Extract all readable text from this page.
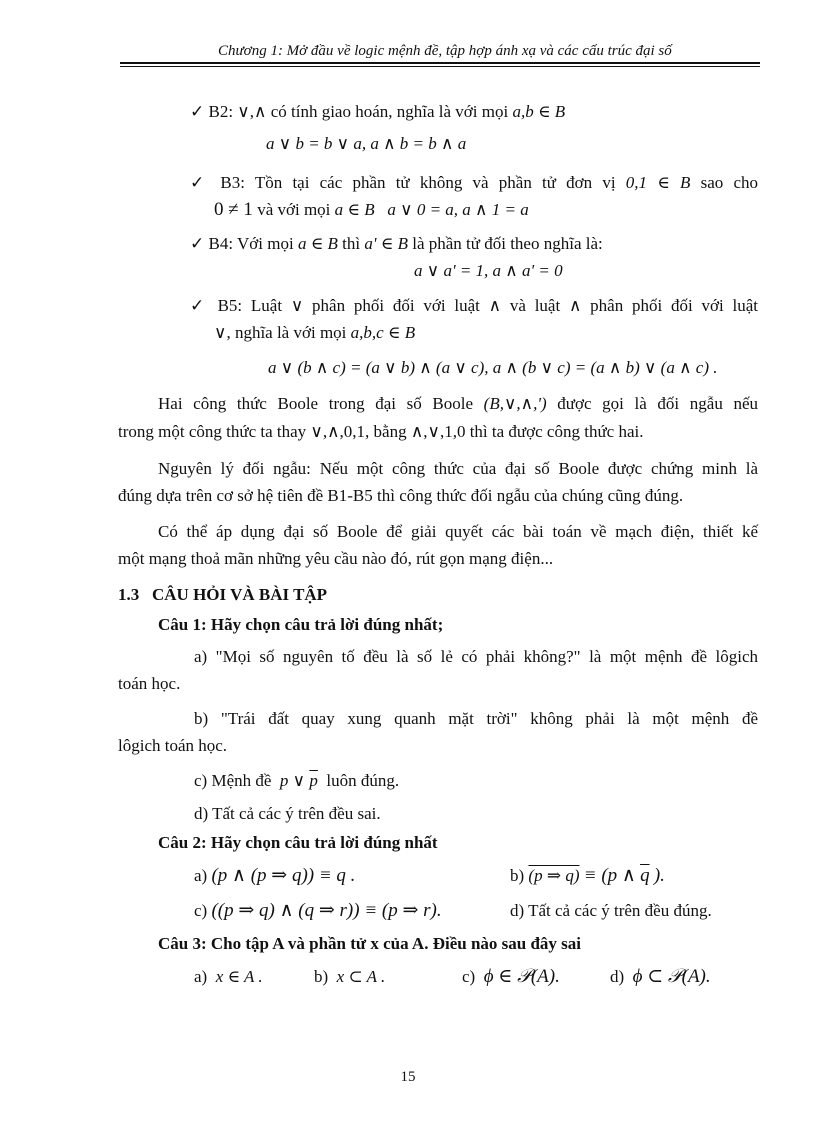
Chương 1: Mở đầu về logic mệnh đề, tập hợp ánh xạ và các cấu trúc đại số
✓ B2: ∨,∧ có tính giao hoán, nghĩa là với mọi a,b ∈ B
a ∨ b = b ∨ a, a ∧ b = b ∧ a
✓ B3: Tồn tại các phần tử không và phần tử đơn vị 0,1 ∈ B sao cho
0 ≠ 1 và với mọi a ∈ B a ∨ 0 = a, a ∧ 1 = a
✓ B4: Với mọi a ∈ B thì a' ∈ B là phần tử đối theo nghĩa là:
a ∨ a' = 1, a ∧ a' = 0
✓ B5: Luật ∨ phân phối đối với luật ∧ và luật ∧ phân phối đối với luật
∨, nghĩa là với mọi a,b,c ∈ B
a ∨ (b ∧ c) = (a ∨ b) ∧ (a ∨ c), a ∧ (b ∨ c) = (a ∧ b) ∨ (a ∧ c) .
Hai công thức Boole trong đại số Boole (B,∨,∧,') được gọi là đối ngẫu nếu
trong một công thức ta thay ∨,∧,0,1, bằng ∧,∨,1,0 thì ta được công thức hai.
Nguyên lý đối ngẫu: Nếu một công thức của đại số Boole được chứng minh là
đúng dựa trên cơ sở hệ tiên đề B1-B5 thì công thức đối ngẫu của chúng cũng đúng.
Có thể áp dụng đại số Boole để giải quyết các bài toán về mạch điện, thiết kế
một mạng thoả mãn những yêu cầu nào đó, rút gọn mạng điện...
1.3 CÂU HỎI VÀ BÀI TẬP
Câu 1: Hãy chọn câu trả lời đúng nhất;
a) "Mọi số nguyên tố đều là số lẻ có phải không?" là một mệnh đề lôgich
toán học.
b) "Trái đất quay xung quanh mặt trời" không phải là một mệnh đề
lôgich toán học.
c) Mệnh đề p ∨ $\overline{p}$ luôn đúng.
d) Tất cả các ý trên đều sai.
Câu 2: Hãy chọn câu trả lời đúng nhất
a) (p ∧ (p ⇒ q)) ≡ q .	b) (p ⇒ q) ≡ (p ∧ $\overline{q}$ ).
c) ((p ⇒ q) ∧ (q ⇒ r)) ≡ (p ⇒ r).	d) Tất cả các ý trên đều đúng.
Câu 3: Cho tập A và phần tử x của A. Điều nào sau đây sai
a) x ∈ A .	b) x ⊂ A .	c) ϕ ∈ 𝒫(A).	d) ϕ ⊂ 𝒫(A).
15
